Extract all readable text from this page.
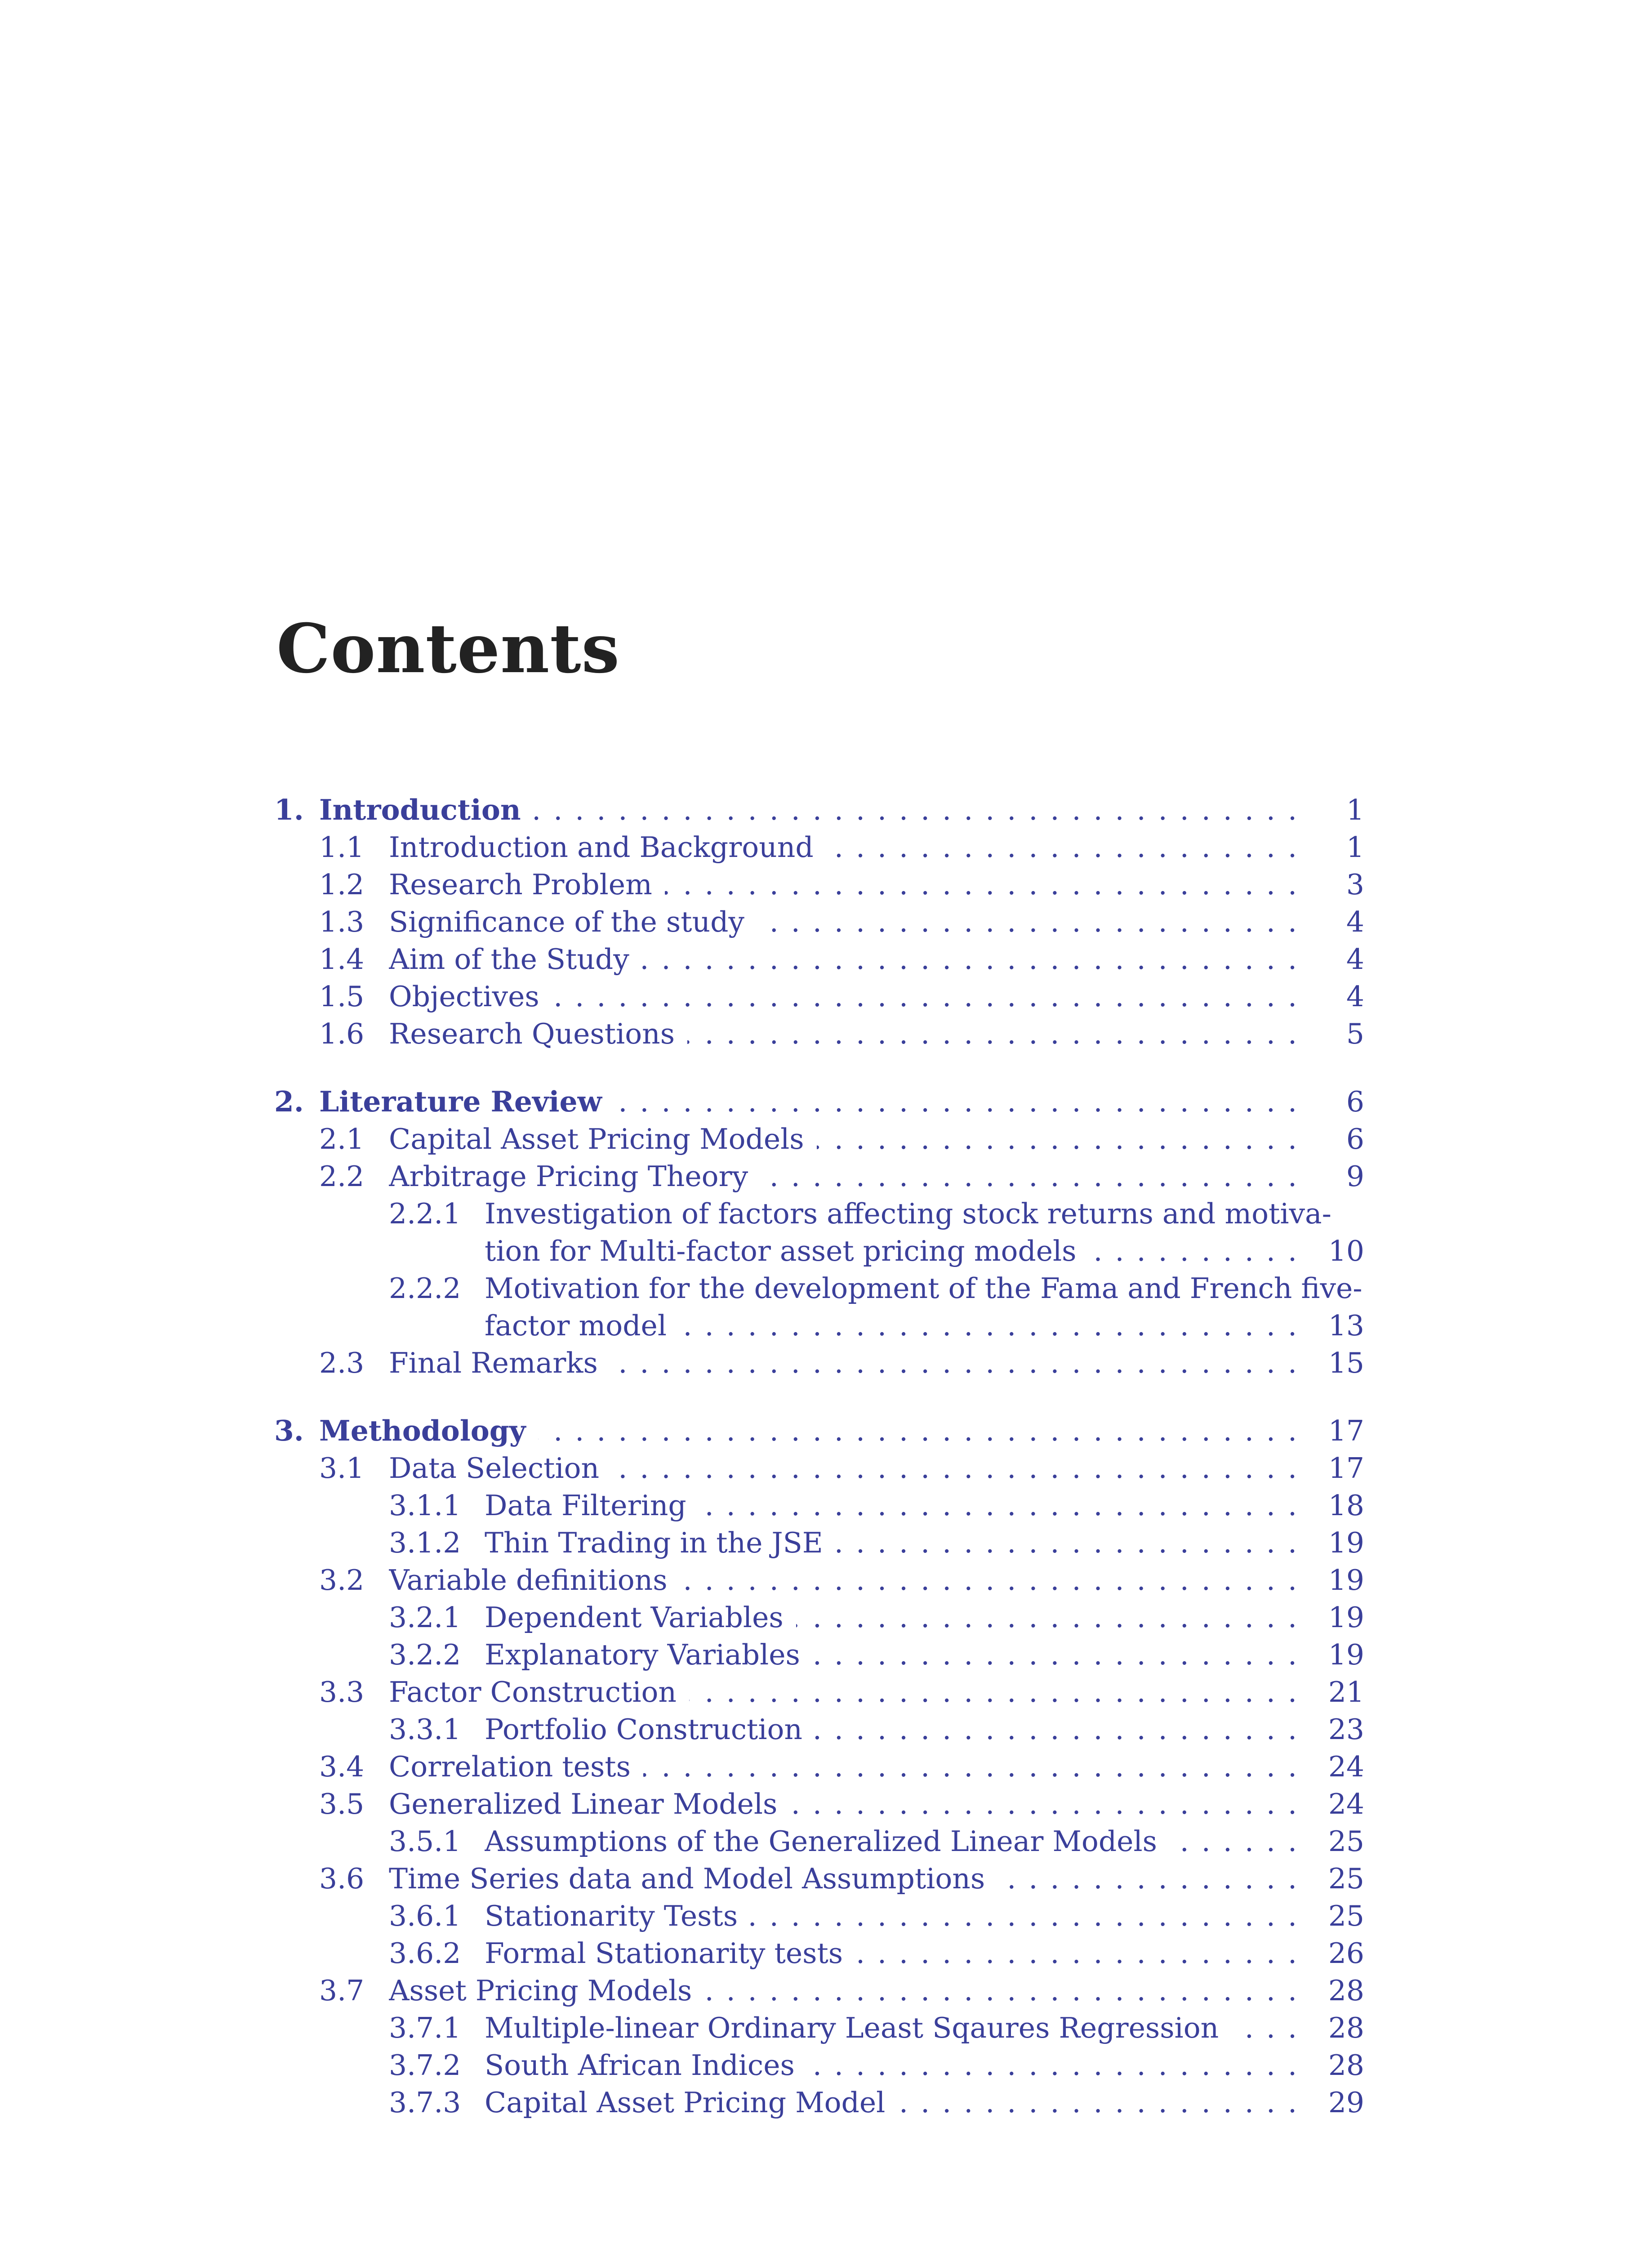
Contents
1. . . . Introduction	1
1.1 . . . Introduction and Background	1
1.2 . . . Research Problem	3
1.3 . . . Significance of the study	4
1.4 . . . Aim of the Study	4
1.5 . . . Objectives	4
1.6 . . . Research Questions	5
2. . . . Literature Review	6
2.1 . . . Capital Asset Pricing Models	6
2.2 . . . Arbitrage Pricing Theory	9
2.2.1 Investigation of factors affecting stock returns and motiva-
. . .
tion for Multi-factor asset pricing models	10
2.2.2 Motivation for the development of the Fama and French five-
. . .
factor model	13
2.3 . . . Final Remarks	15
3. . . . Methodology	17
3.1 . . . Data Selection	17
3.1.1 . . . Data Filtering	18
3.1.2 . . . Thin Trading in the JSE	19
3.2 . . . Variable definitions	19
3.2.1 . . . Dependent Variables	19
3.2.2 . . . Explanatory Variables	19
3.3 . . . Factor Construction	21
3.3.1 . . . Portfolio Construction	23
3.4 . . . Correlation tests	24
3.5 . . . Generalized Linear Models	24
3.5.1 . . . Assumptions of the Generalized Linear Models	25
3.6 . . . Time Series data and Model Assumptions	25
3.6.1 . . . Stationarity Tests	25
3.6.2 . . . Formal Stationarity tests	26
3.7 . . . Asset Pricing Models	28
3.7.1 . . . Multiple-linear Ordinary Least Sqaures Regression	28
3.7.2 . . . South African Indices	28
3.7.3 . . . Capital Asset Pricing Model	29
